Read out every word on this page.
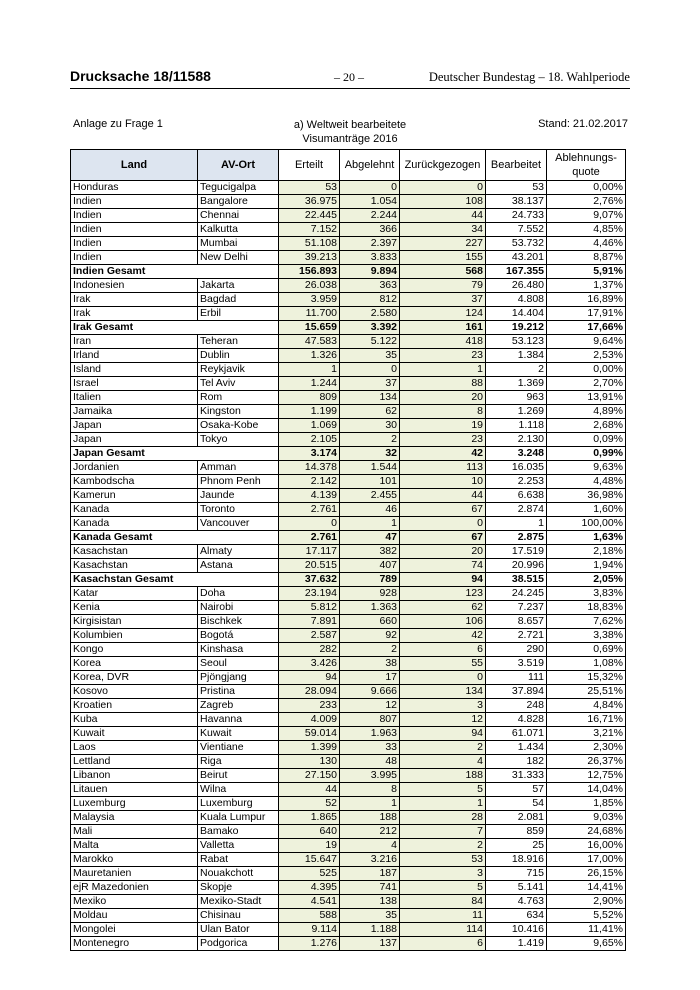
Drucksache 18/11588	– 20 –	Deutscher Bundestag – 18. Wahlperiode
Anlage zu Frage 1	a) Weltweit bearbeitete
Visumanträge 2016
Stand: 21.02.2017
Land	AV-Ort	Erteilt	Abgelehnt	Zurückgezogen	Bearbeitet	Ablehnungs-quote
Honduras	Tegucigalpa	53	0	0	53	0,00%
Indien	Bangalore	36.975	1.054	108	38.137	2,76%
Indien	Chennai	22.445	2.244	44	24.733	9,07%
Indien	Kalkutta	7.152	366	34	7.552	4,85%
Indien	Mumbai	51.108	2.397	227	53.732	4,46%
Indien	New Delhi	39.213	3.833	155	43.201	8,87%
Indien Gesamt		156.893	9.894	568	167.355	5,91%
Indonesien	Jakarta	26.038	363	79	26.480	1,37%
Irak	Bagdad	3.959	812	37	4.808	16,89%
Irak	Erbil	11.700	2.580	124	14.404	17,91%
Irak Gesamt		15.659	3.392	161	19.212	17,66%
Iran	Teheran	47.583	5.122	418	53.123	9,64%
Irland	Dublin	1.326	35	23	1.384	2,53%
Island	Reykjavik	1	0	1	2	0,00%
Israel	Tel Aviv	1.244	37	88	1.369	2,70%
Italien	Rom	809	134	20	963	13,91%
Jamaika	Kingston	1.199	62	8	1.269	4,89%
Japan	Osaka-Kobe	1.069	30	19	1.118	2,68%
Japan	Tokyo	2.105	2	23	2.130	0,09%
Japan Gesamt		3.174	32	42	3.248	0,99%
Jordanien	Amman	14.378	1.544	113	16.035	9,63%
Kambodscha	Phnom Penh	2.142	101	10	2.253	4,48%
Kamerun	Jaunde	4.139	2.455	44	6.638	36,98%
Kanada	Toronto	2.761	46	67	2.874	1,60%
Kanada	Vancouver	0	1	0	1	100,00%
Kanada Gesamt		2.761	47	67	2.875	1,63%
Kasachstan	Almaty	17.117	382	20	17.519	2,18%
Kasachstan	Astana	20.515	407	74	20.996	1,94%
Kasachstan Gesamt		37.632	789	94	38.515	2,05%
Katar	Doha	23.194	928	123	24.245	3,83%
Kenia	Nairobi	5.812	1.363	62	7.237	18,83%
Kirgisistan	Bischkek	7.891	660	106	8.657	7,62%
Kolumbien	Bogotá	2.587	92	42	2.721	3,38%
Kongo	Kinshasa	282	2	6	290	0,69%
Korea	Seoul	3.426	38	55	3.519	1,08%
Korea, DVR	Pjöngjang	94	17	0	111	15,32%
Kosovo	Pristina	28.094	9.666	134	37.894	25,51%
Kroatien	Zagreb	233	12	3	248	4,84%
Kuba	Havanna	4.009	807	12	4.828	16,71%
Kuwait	Kuwait	59.014	1.963	94	61.071	3,21%
Laos	Vientiane	1.399	33	2	1.434	2,30%
Lettland	Riga	130	48	4	182	26,37%
Libanon	Beirut	27.150	3.995	188	31.333	12,75%
Litauen	Wilna	44	8	5	57	14,04%
Luxemburg	Luxemburg	52	1	1	54	1,85%
Malaysia	Kuala Lumpur	1.865	188	28	2.081	9,03%
Mali	Bamako	640	212	7	859	24,68%
Malta	Valletta	19	4	2	25	16,00%
Marokko	Rabat	15.647	3.216	53	18.916	17,00%
Mauretanien	Nouakchott	525	187	3	715	26,15%
ejR Mazedonien	Skopje	4.395	741	5	5.141	14,41%
Mexiko	Mexiko-Stadt	4.541	138	84	4.763	2,90%
Moldau	Chisinau	588	35	11	634	5,52%
Mongolei	Ulan Bator	9.114	1.188	114	10.416	11,41%
Montenegro	Podgorica	1.276	137	6	1.419	9,65%
